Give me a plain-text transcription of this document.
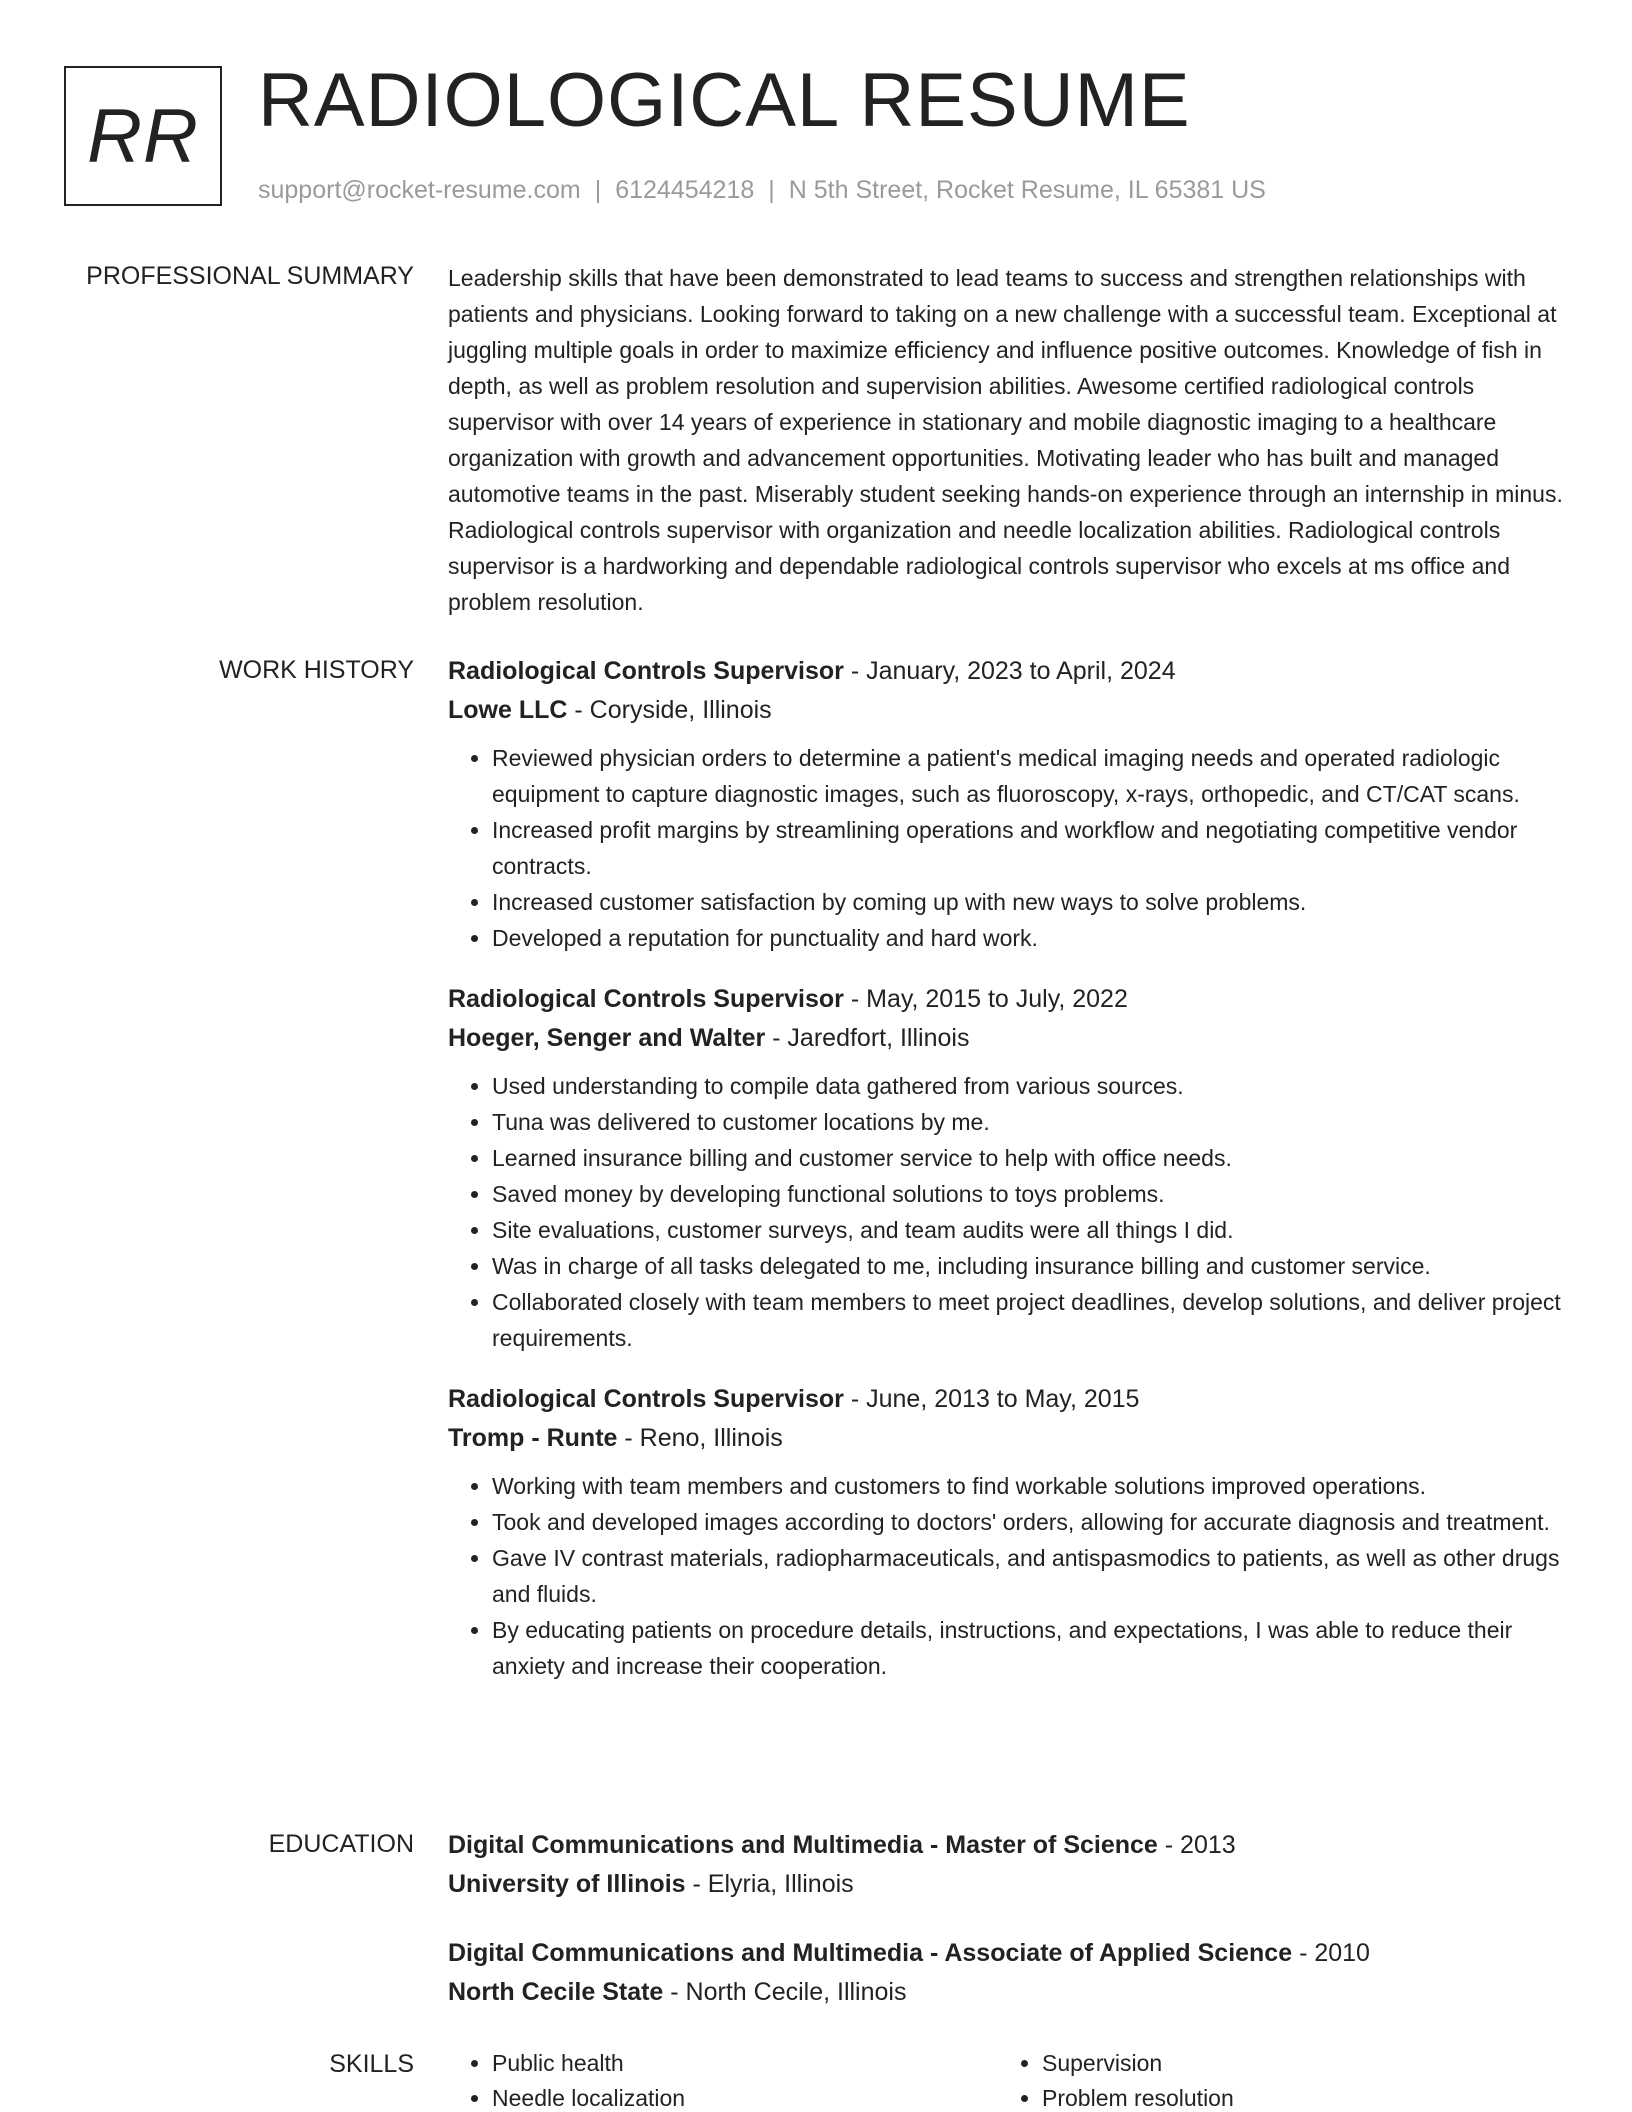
RR RADIOLOGICAL RESUME
support@rocket-resume.com | 6124454218 | N 5th Street, Rocket Resume, IL 65381 US
PROFESSIONAL SUMMARY Leadership skills that have been demonstrated to lead teams to success and strengthen relationships with patients and physicians. Looking forward to taking on a new challenge with a successful team. Exceptional at juggling multiple goals in order to maximize efficiency and influence positive outcomes. Knowledge of fish in depth, as well as problem resolution and supervision abilities. Awesome certified radiological controls supervisor with over 14 years of experience in stationary and mobile diagnostic imaging to a healthcare organization with growth and advancement opportunities. Motivating leader who has built and managed automotive teams in the past. Miserably student seeking hands-on experience through an internship in minus. Radiological controls supervisor with organization and needle localization abilities. Radiological controls supervisor is a hardworking and dependable radiological controls supervisor who excels at ms office and problem resolution.

WORK HISTORY Radiological Controls Supervisor - January, 2023 to April, 2024
Lowe LLC - Coryside, Illinois
• Reviewed physician orders to determine a patient's medical imaging needs and operated radiologic equipment to capture diagnostic images, such as fluoroscopy, x-rays, orthopedic, and CT/CAT scans.
• Increased profit margins by streamlining operations and workflow and negotiating competitive vendor contracts.
• Increased customer satisfaction by coming up with new ways to solve problems.
• Developed a reputation for punctuality and hard work.
Radiological Controls Supervisor - May, 2015 to July, 2022
Hoeger, Senger and Walter - Jaredfort, Illinois
• Used understanding to compile data gathered from various sources.
• Tuna was delivered to customer locations by me.
• Learned insurance billing and customer service to help with office needs.
• Saved money by developing functional solutions to toys problems.
• Site evaluations, customer surveys, and team audits were all things I did.
• Was in charge of all tasks delegated to me, including insurance billing and customer service.
• Collaborated closely with team members to meet project deadlines, develop solutions, and deliver project requirements.
Radiological Controls Supervisor - June, 2013 to May, 2015
Tromp - Runte - Reno, Illinois
• Working with team members and customers to find workable solutions improved operations.
• Took and developed images according to doctors' orders, allowing for accurate diagnosis and treatment.
• Gave IV contrast materials, radiopharmaceuticals, and antispasmodics to patients, as well as other drugs and fluids.
• By educating patients on procedure details, instructions, and expectations, I was able to reduce their anxiety and increase their cooperation.
EDUCATION Digital Communications and Multimedia - Master of Science - 2013
University of Illinois - Elyria, Illinois
Digital Communications and Multimedia - Associate of Applied Science - 2010
North Cecile State - North Cecile, Illinois
SKILLS
•	Public health
• Needle localization
• Supervision
• Problem resolution
